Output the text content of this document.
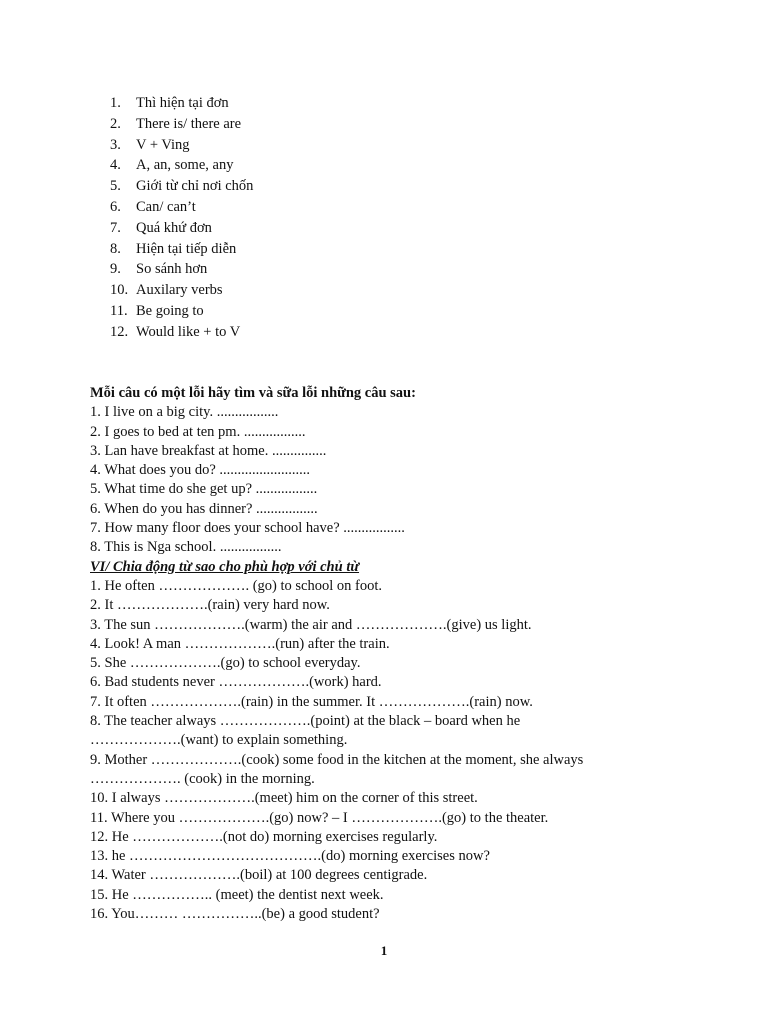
1. Thì hiện tại đơn
2. There is/ there are
3. V + Ving
4. A, an, some, any
5. Giới từ chỉ nơi chốn
6. Can/ can’t
7. Quá khứ đơn
8. Hiện tại tiếp diễn
9. So sánh hơn
10. Auxilary verbs
11. Be going to
12. Would like + to V
Mỗi câu có một lỗi hãy tìm và sữa lỗi những câu sau:
1. I live on a big city. .................
2. I goes to bed at ten pm. .................
3. Lan have breakfast at home. ...............
4. What does you do? .........................
5. What time do she get up? .................
6. When do you has dinner? .................
7. How many floor does your school have? .................
8. This is Nga school. .................
VI/ Chia động từ sao cho phù hợp với chủ từ
1. He often ………………. (go) to school on foot.
2. It ……………….(rain) very hard now.
3. The sun ……………….(warm) the air and ……………….(give) us light.
4. Look! A man ……………….(run) after the train.
5. She ……………….(go) to school everyday.
6. Bad students never ……………….(work) hard.
7. It often ……………….(rain) in the summer. It ……………….(rain) now.
8. The teacher always ……………….(point) at the black – board when he
……………….(want) to explain something.
9. Mother ……………….(cook) some food in the kitchen at the moment, she always
………………. (cook) in the morning.
10. I always ……………….(meet) him on the corner of this street.
11. Where you ……………….(go) now? – I ……………….(go) to the theater.
12. He ……………….(not do) morning exercises regularly.
13. he ………………………………….(do) morning exercises now?
14. Water ……………….(boil) at 100 degrees centigrade.
15. He …………….. (meet) the dentist next week.
16. You……… ……………..(be) a good student?
1
